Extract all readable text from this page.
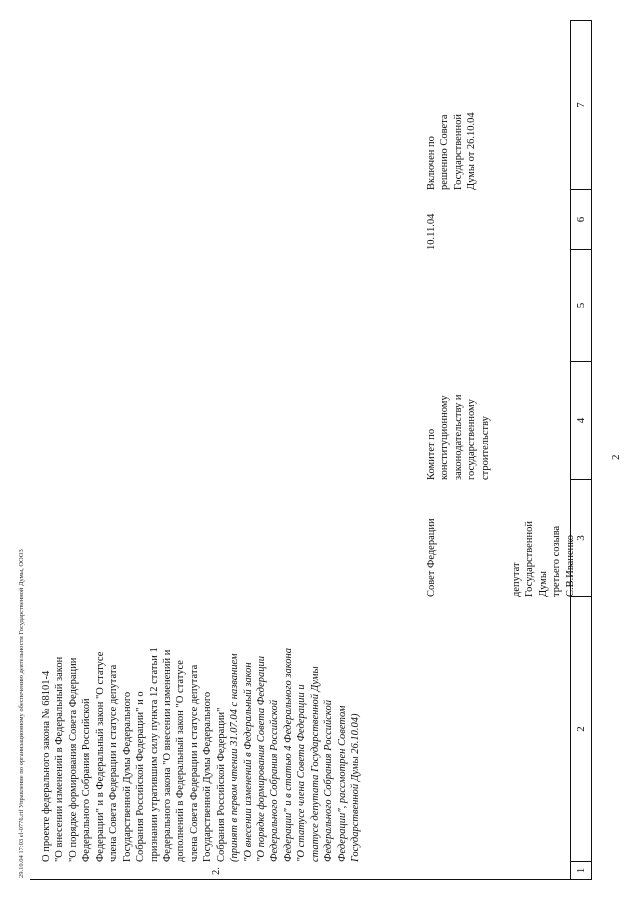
2
29.10.04 17:03 el-0776.rtf Управление по организационному обеспечению деятельности Государственной Думы, ООО3	1
2
3
4
5
6
7
депутат Государственной Думы третьего созыва С.В.Иваненко
2.
О проекте федерального закона № 68101-4 "О внесении изменений в Федеральный закон "О порядке формирования Совета Федерации Федерального Собрания Российской Федерации" и в Федеральный закон "О статусе члена Совета Федерации и статусе депутата Государственной Думы Федерального Собрания Российской Федерации" и о признании утратившим силу пункта 12 статьи 1 Федерального закона "О внесении изменений и дополнений в Федеральный закон "О статусе члена Совета Федерации и статусе депутата Государственной Думы Федерального Собрания Российской Федерации" (принят в первом чтении 31.07.04 с названием "О внесении изменений в Федеральный закон "О порядке формирования Совета Федерации Федерального Собрания Российской Федерации" и в статью 4 Федерального закона "О статусе члена Совета Федерации и статусе депутата Государственной Думы Федерального Собрания Российской Федерации", рассмотрен Советом Государственной Думы 26.10.04)
Совет Федерации
Комитет по конституционному законодательству и государственному строительству
10.11.04
Включен по решению Совета Государственной Думы от 26.10.04
